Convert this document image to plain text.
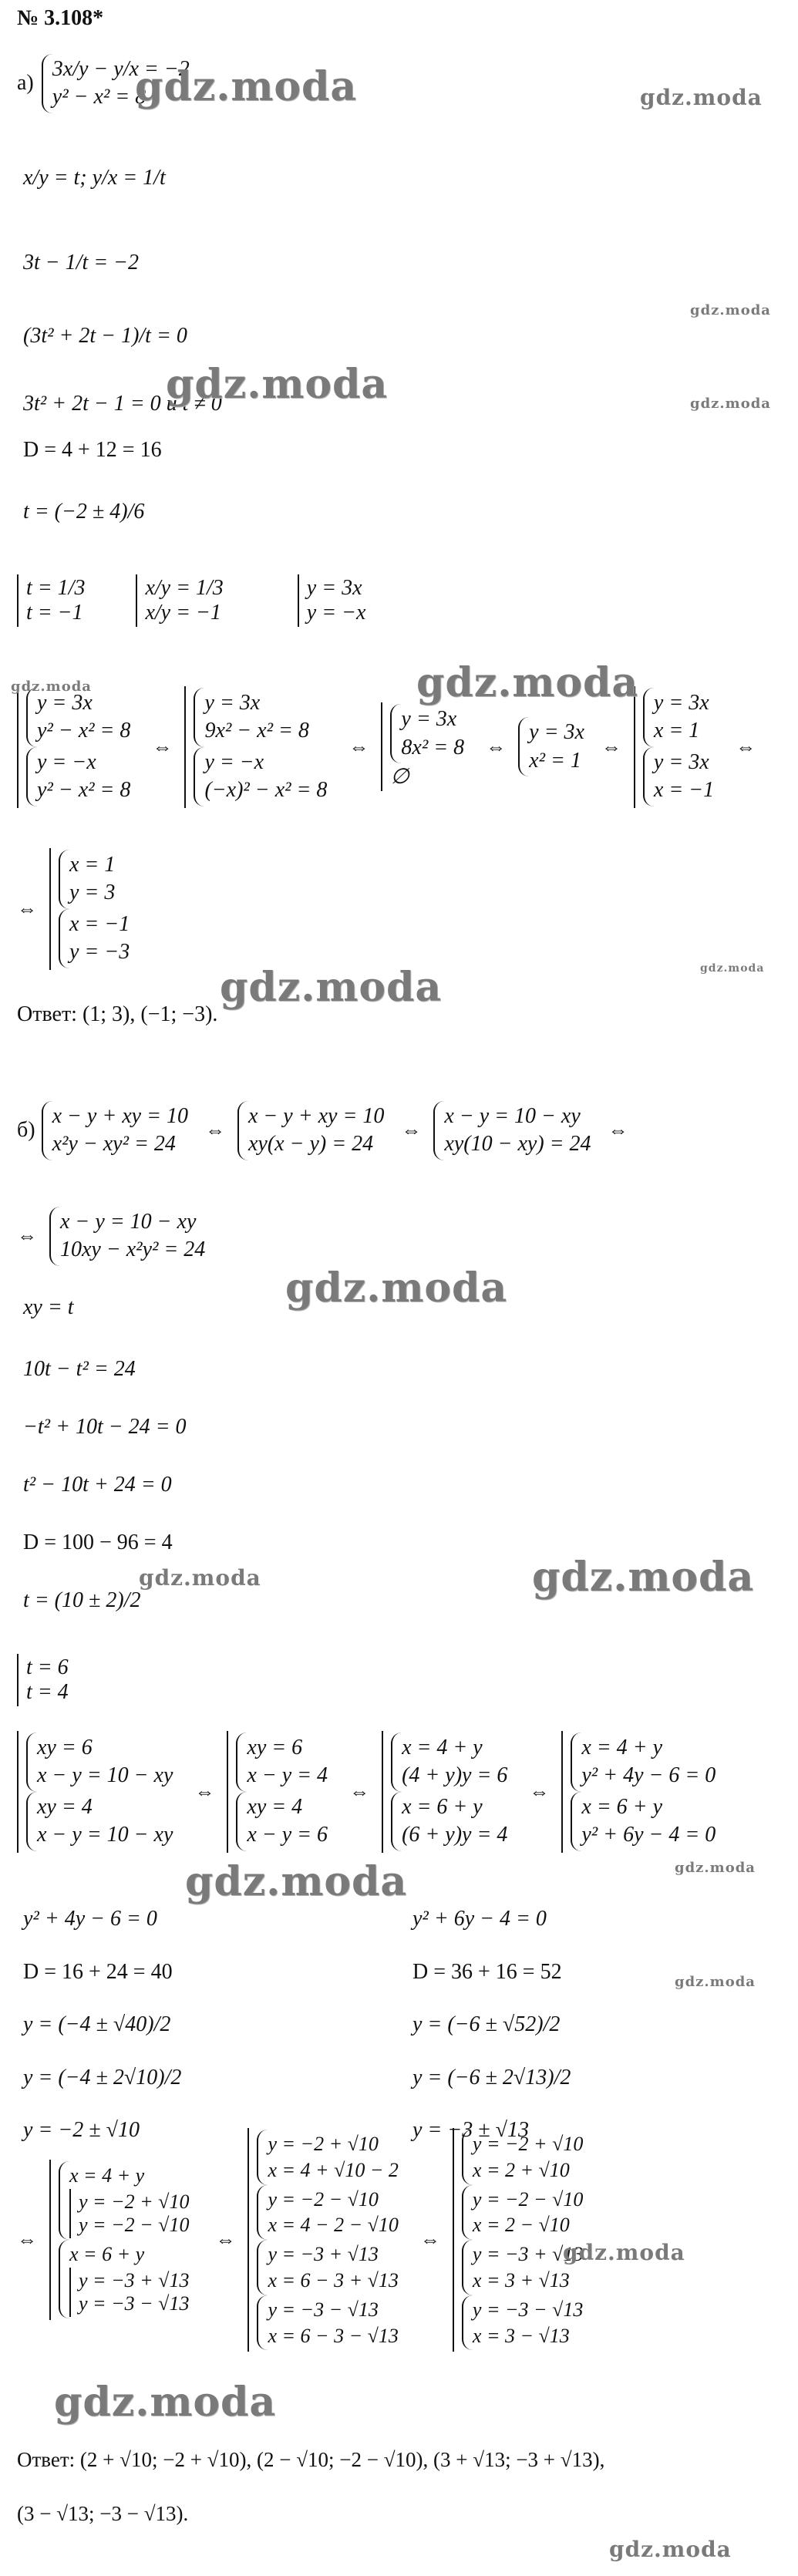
№ 3.108*
а)
3x/y − y/x = −2
y² − x² = 8
x/y = t; y/x = 1/t
3t − 1/t = −2
(3t² + 2t − 1)/t = 0
3t² + 2t − 1 = 0 и t ≠ 0
D = 4 + 12 = 16
t = (−2 ± 4)/6
t = 1/3
t = −1
x/y = 1/3
x/y = −1
y = 3x
y = −x
y = 3x
y² − x² = 8

y = −x
y² − x² = 8
⇔
y = 3x
9x² − x² = 8

y = −x
(−x)² − x² = 8
⇔
y = 3x
8x² = 8

∅
⇔
y = 3x
x² = 1
⇔
y = 3x
x = 1

y = 3x
x = −1
⇔
⇔
x = 1
y = 3

x = −1
y = −3
Ответ: (1; 3), (−1; −3).
б)
x − y + xy = 10
x²y − xy² = 24
⇔
x − y + xy = 10
xy(x − y) = 24
⇔
x − y = 10 − xy
xy(10 − xy) = 24
⇔
⇔
x − y = 10 − xy
10xy − x²y² = 24
xy = t
10t − t² = 24
−t² + 10t − 24 = 0
t² − 10t + 24 = 0
D = 100 − 96 = 4
t = (10 ± 2)/2
t = 6
t = 4
xy = 6
x − y = 10 − xy

xy = 4
x − y = 10 − xy
⇔
xy = 6
x − y = 4

xy = 4
x − y = 6
⇔
x = 4 + y
(4 + y)y = 6

x = 6 + y
(6 + y)y = 4
⇔
x = 4 + y
y² + 4y − 6 = 0

x = 6 + y
y² + 6y − 4 = 0
y² + 4y − 6 = 0
D = 16 + 24 = 40
y = (−4 ± √40)/2
y = (−4 ± 2√10)/2
y = −2 ± √10
y² + 6y − 4 = 0
D = 36 + 16 = 52
y = (−6 ± √52)/2
y = (−6 ± 2√13)/2
y = −3 ± √13
⇔
x = 4 + y
y = −2 + √10
y = −2 − √10

x = 6 + y
y = −3 + √13
y = −3 − √13
⇔
y = −2 + √10
x = 4 + √10 − 2

y = −2 − √10
x = 4 − 2 − √10

y = −3 + √13
x = 6 − 3 + √13

y = −3 − √13
x = 6 − 3 − √13
⇔
y = −2 + √10
x = 2 + √10

y = −2 − √10
x = 2 − √10

y = −3 + √13
x = 3 + √13

y = −3 − √13
x = 3 − √13
Ответ: (2 + √10; −2 + √10), (2 − √10; −2 − √10), (3 + √13; −3 + √13),
(3 − √13; −3 − √13).
gdz.moda	gdz.moda
gdz.moda
gdz.moda	gdz.moda
gdz.moda	gdz.moda
gdz.moda
gdz.moda
gdz.moda
gdz.moda	gdz.moda
gdz.moda	gdz.moda
gdz.moda
gdz.moda
gdz.moda
gdz.moda
